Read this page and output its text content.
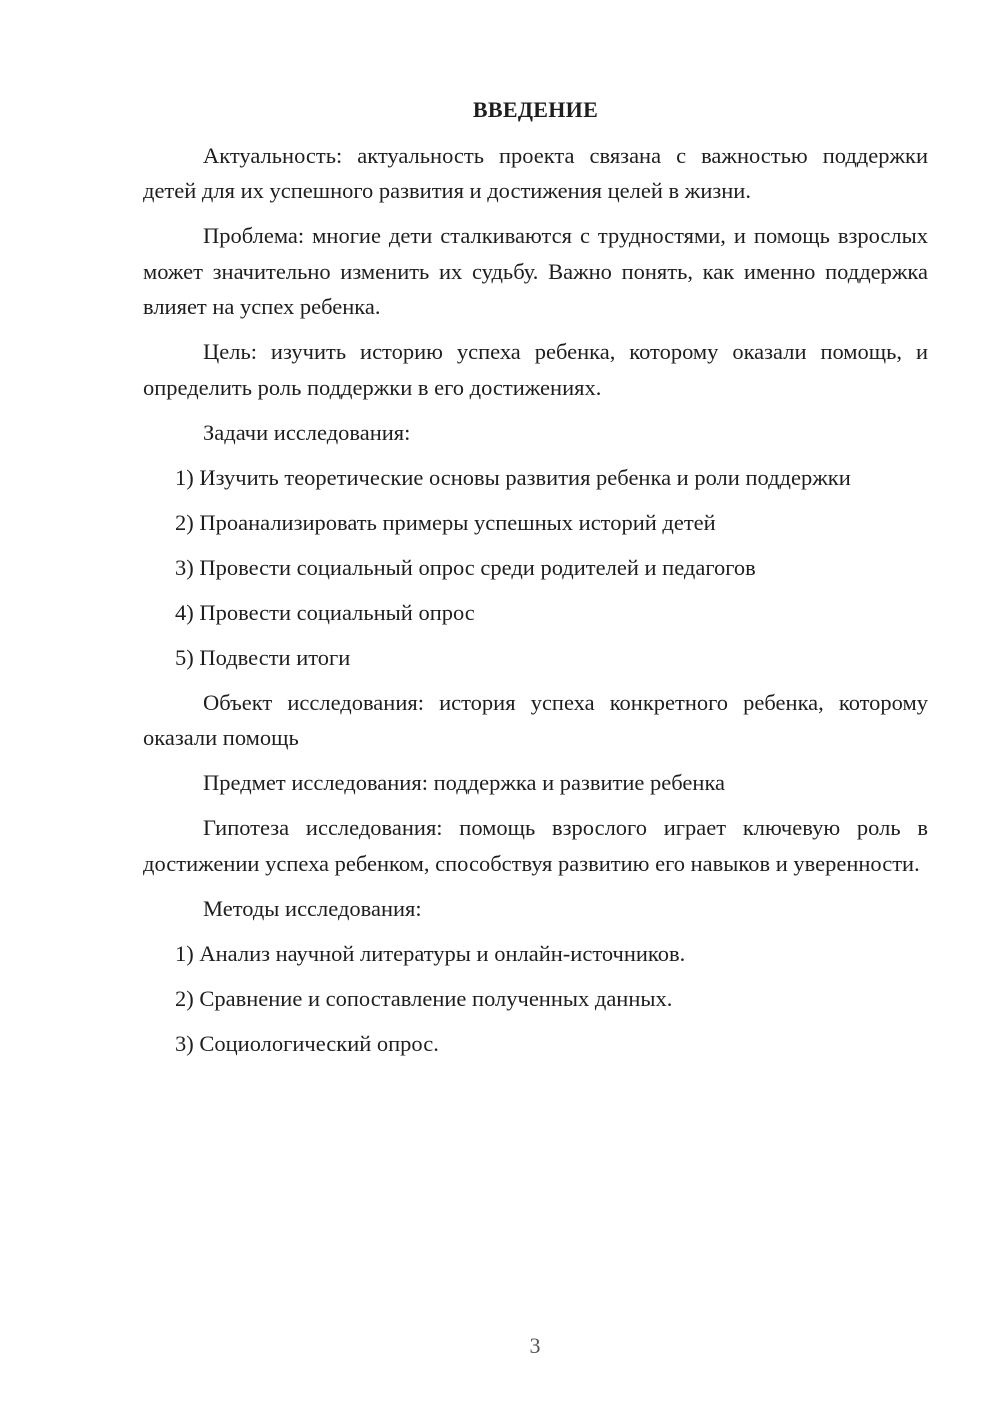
ВВЕДЕНИЕ

Актуальность: актуальность проекта связана с важностью поддержки детей для их успешного развития и достижения целей в жизни.

Проблема: многие дети сталкиваются с трудностями, и помощь взрослых может значительно изменить их судьбу. Важно понять, как именно поддержка влияет на успех ребенка.

Цель: изучить историю успеха ребенка, которому оказали помощь, и определить роль поддержки в его достижениях.

Задачи исследования:

1) Изучить теоретические основы развития ребенка и роли поддержки
2) Проанализировать примеры успешных историй детей
3) Провести социальный опрос среди родителей и педагогов
4) Провести социальный опрос
5) Подвести итоги

Объект исследования: история успеха конкретного ребенка, которому оказали помощь

Предмет исследования: поддержка и развитие ребенка

Гипотеза исследования: помощь взрослого играет ключевую роль в достижении успеха ребенком, способствуя развитию его навыков и уверенности.

Методы исследования:

1) Анализ научной литературы и онлайн-источников.
2) Сравнение и сопоставление полученных данных.
3) Социологический опрос.
3
